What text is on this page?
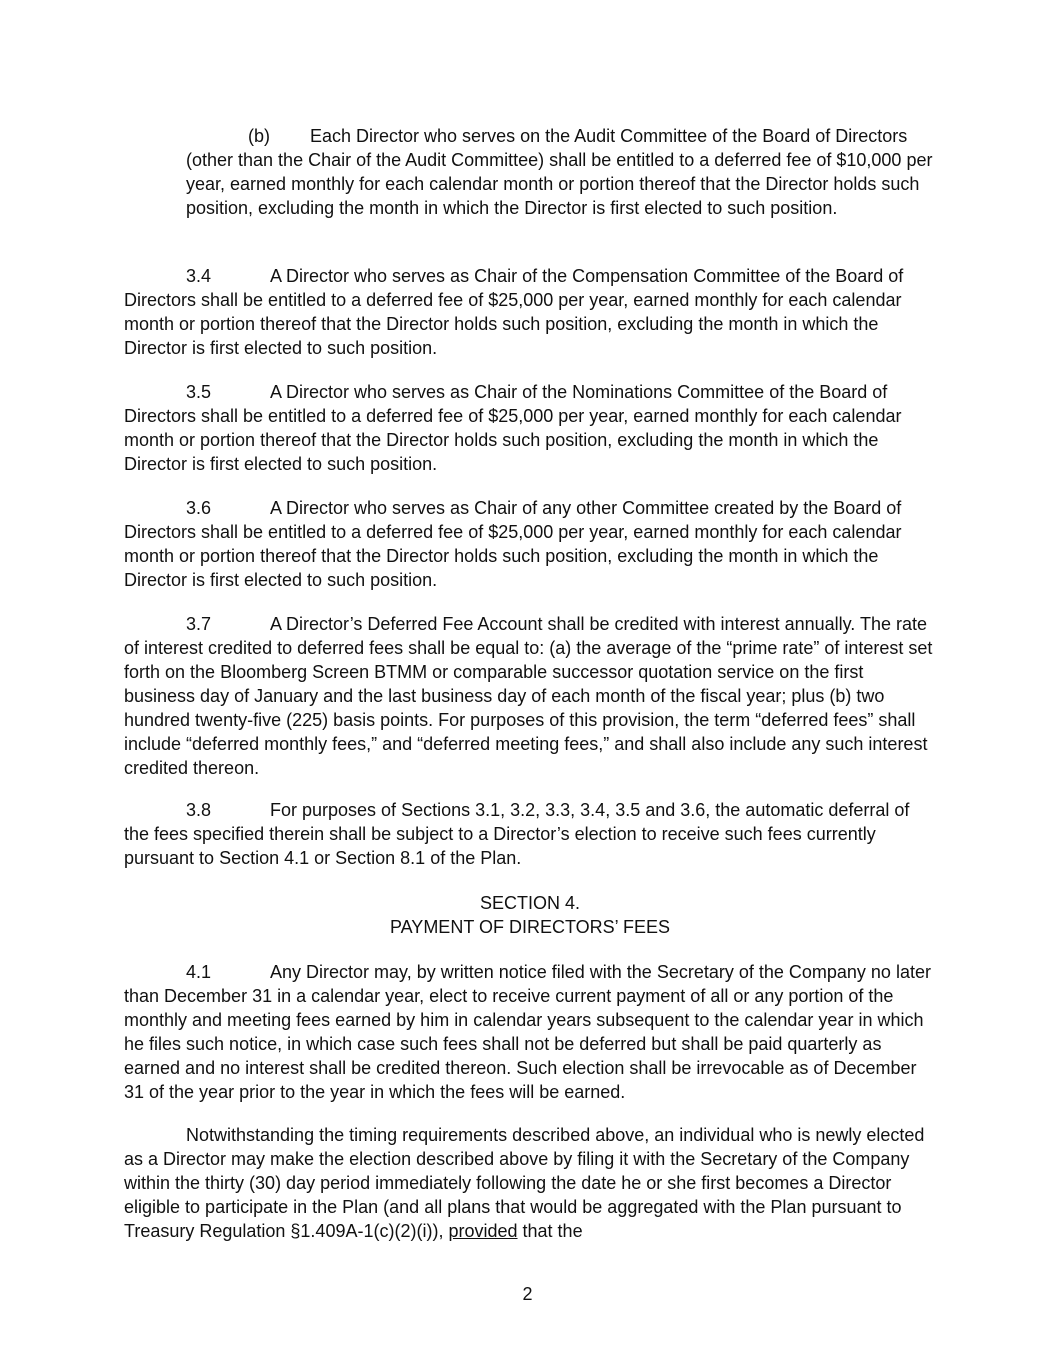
(b) Each Director who serves on the Audit Committee of the Board of Directors (other than the Chair of the Audit Committee) shall be entitled to a deferred fee of $10,000 per year, earned monthly for each calendar month or portion thereof that the Director holds such position, excluding the month in which the Director is first elected to such position.

3.4	A Director who serves as Chair of the Compensation Committee of the Board of Directors shall be entitled to a deferred fee of $25,000 per year, earned monthly for each calendar month or portion thereof that the Director holds such position, excluding the month in which the Director is first elected to such position.

3.5	A Director who serves as Chair of the Nominations Committee of the Board of Directors shall be entitled to a deferred fee of $25,000 per year, earned monthly for each calendar month or portion thereof that the Director holds such position, excluding the month in which the Director is first elected to such position.

3.6	A Director who serves as Chair of any other Committee created by the Board of Directors shall be entitled to a deferred fee of $25,000 per year, earned monthly for each calendar month or portion thereof that the Director holds such position, excluding the month in which the Director is first elected to such position.

3.7	A Director’s Deferred Fee Account shall be credited with interest annually. The rate of interest credited to deferred fees shall be equal to: (a) the average of the “prime rate” of interest set forth on the Bloomberg Screen BTMM or comparable successor quotation service on the first business day of January and the last business day of each month of the fiscal year; plus (b) two hundred twenty-five (225) basis points. For purposes of this provision, the term “deferred fees” shall include “deferred monthly fees,” and “deferred meeting fees,” and shall also include any such interest credited thereon.

3.8	For purposes of Sections 3.1, 3.2, 3.3, 3.4, 3.5 and 3.6, the automatic deferral of the fees specified therein shall be subject to a Director’s election to receive such fees currently pursuant to Section 4.1 or Section 8.1 of the Plan.

SECTION 4.

PAYMENT OF DIRECTORS’ FEES

4.1	Any Director may, by written notice filed with the Secretary of the Company no later than December 31 in a calendar year, elect to receive current payment of all or any portion of the monthly and meeting fees earned by him in calendar years subsequent to the calendar year in which he files such notice, in which case such fees shall not be deferred but shall be paid quarterly as earned and no interest shall be credited thereon. Such election shall be irrevocable as of December 31 of the year prior to the year in which the fees will be earned.

Notwithstanding the timing requirements described above, an individual who is newly elected as a Director may make the election described above by filing it with the Secretary of the Company within the thirty (30) day period immediately following the date he or she first becomes a Director eligible to participate in the Plan (and all plans that would be aggregated with the Plan pursuant to Treasury Regulation §1.409A-1(c)(2)(i)), provided that the

2
